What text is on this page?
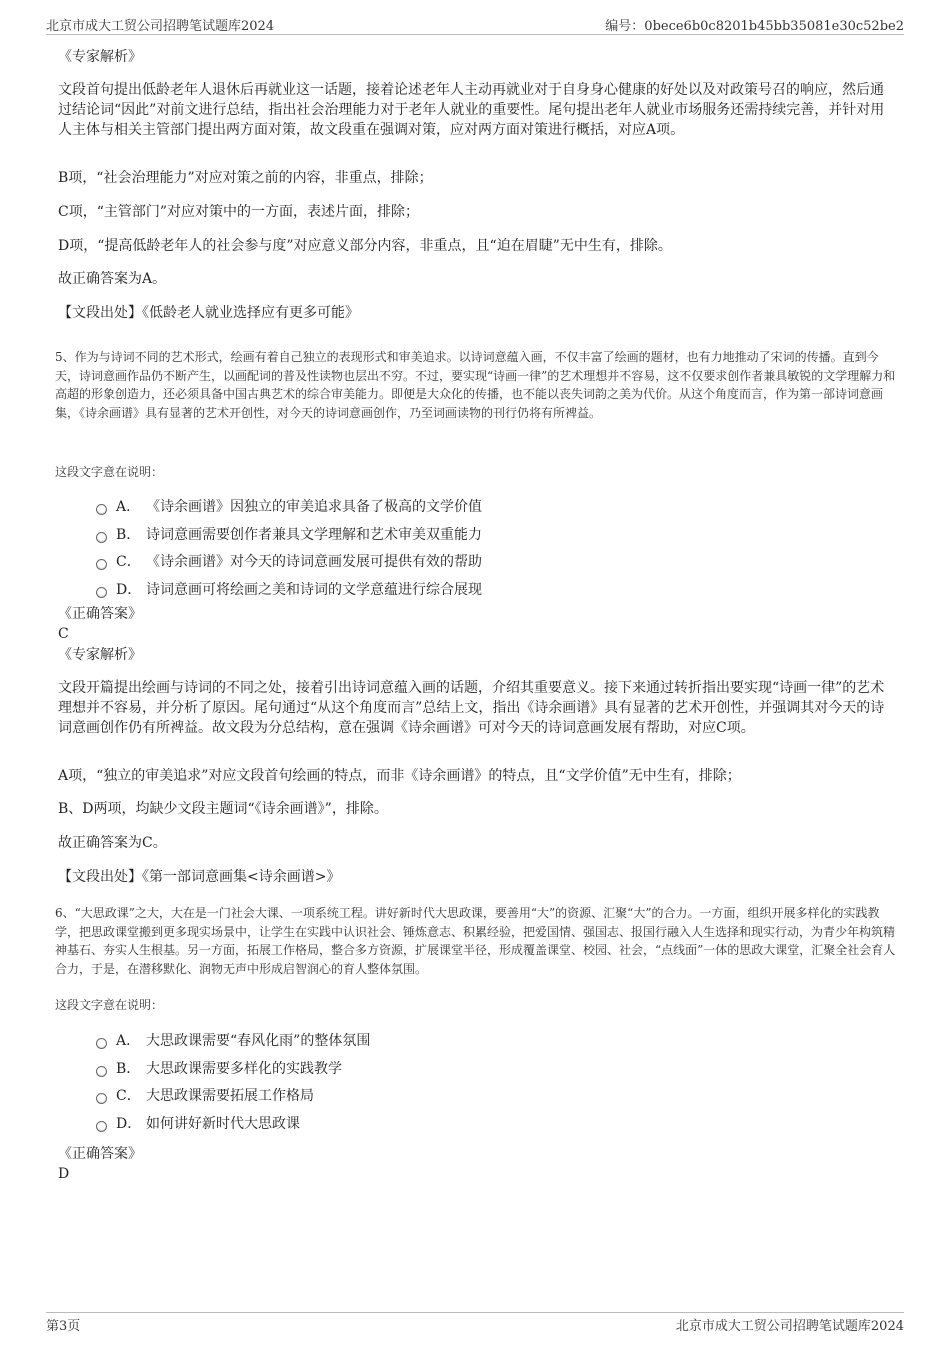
北京市成大工贸公司招聘笔试题库2024	编号：0bece6b0c8201b45bb35081e30c52be2
《专家解析》
文段首句提出低龄老年人退休后再就业这一话题，接着论述老年人主动再就业对于自身身心健康的好处以及对政策号召的响应，然后通过结论词“因此”对前文进行总结，指出社会治理能力对于老年人就业的重要性。尾句提出老年人就业市场服务还需持续完善，并针对用人主体与相关主管部门提出两方面对策，故文段重在强调对策，应对两方面对策进行概括，对应A项。
B项，“社会治理能力”对应对策之前的内容，非重点，排除；
C项，“主管部门”对应对策中的一方面，表述片面，排除；
D项，“提高低龄老年人的社会参与度”对应意义部分内容，非重点，且“迫在眉睫”无中生有，排除。
故正确答案为A。
【文段出处】《低龄老人就业选择应有更多可能》
5、作为与诗词不同的艺术形式，绘画有着自己独立的表现形式和审美追求。以诗词意蕴入画，不仅丰富了绘画的题材，也有力地推动了宋词的传播。直到今天，诗词意画作品仍不断产生，以画配词的普及性读物也层出不穷。不过，要实现“诗画一律”的艺术理想并不容易，这不仅要求创作者兼具敏锐的文学理解力和高超的形象创造力，还必须具备中国古典艺术的综合审美能力。即便是大众化的传播，也不能以丧失词韵之美为代价。从这个角度而言，作为第一部诗词意画集，《诗余画谱》具有显著的艺术开创性，对今天的诗词意画创作，乃至词画读物的刊行仍将有所裨益。
这段文字意在说明：
A． 《诗余画谱》因独立的审美追求具备了极高的文学价值
B． 诗词意画需要创作者兼具文学理解和艺术审美双重能力
C． 《诗余画谱》对今天的诗词意画发展可提供有效的帮助
D． 诗词意画可将绘画之美和诗词的文学意蕴进行综合展现
《正确答案》
C
《专家解析》
文段开篇提出绘画与诗词的不同之处，接着引出诗词意蕴入画的话题，介绍其重要意义。接下来通过转折指出要实现“诗画一律”的艺术理想并不容易，并分析了原因。尾句通过“从这个角度而言”总结上文，指出《诗余画谱》具有显著的艺术开创性，并强调其对今天的诗词意画创作仍有所裨益。故文段为分总结构，意在强调《诗余画谱》可对今天的诗词意画发展有帮助，对应C项。
A项，“独立的审美追求”对应文段首句绘画的特点，而非《诗余画谱》的特点，且“文学价值”无中生有，排除；
B、D两项，均缺少文段主题词“《诗余画谱》”，排除。
故正确答案为C。
【文段出处】《第一部词意画集<诗余画谱>》
6、“大思政课”之大，大在是一门社会大课、一项系统工程。讲好新时代大思政课，要善用“大”的资源、汇聚“大”的合力。一方面，组织开展多样化的实践教学，把思政课堂搬到更多现实场景中，让学生在实践中认识社会、锤炼意志、积累经验，把爱国情、强国志、报国行融入人生选择和现实行动，为青少年构筑精神基石、夯实人生根基。另一方面，拓展工作格局，整合多方资源，扩展课堂半径，形成覆盖课堂、校园、社会，“点线面”一体的思政大课堂，汇聚全社会育人合力，于是，在潜移默化、润物无声中形成启智润心的育人整体氛围。
这段文字意在说明：
A． 大思政课需要“春风化雨”的整体氛围
B． 大思政课需要多样化的实践教学
C． 大思政课需要拓展工作格局
D． 如何讲好新时代大思政课
《正确答案》
D
第3页	北京市成大工贸公司招聘笔试题库2024
